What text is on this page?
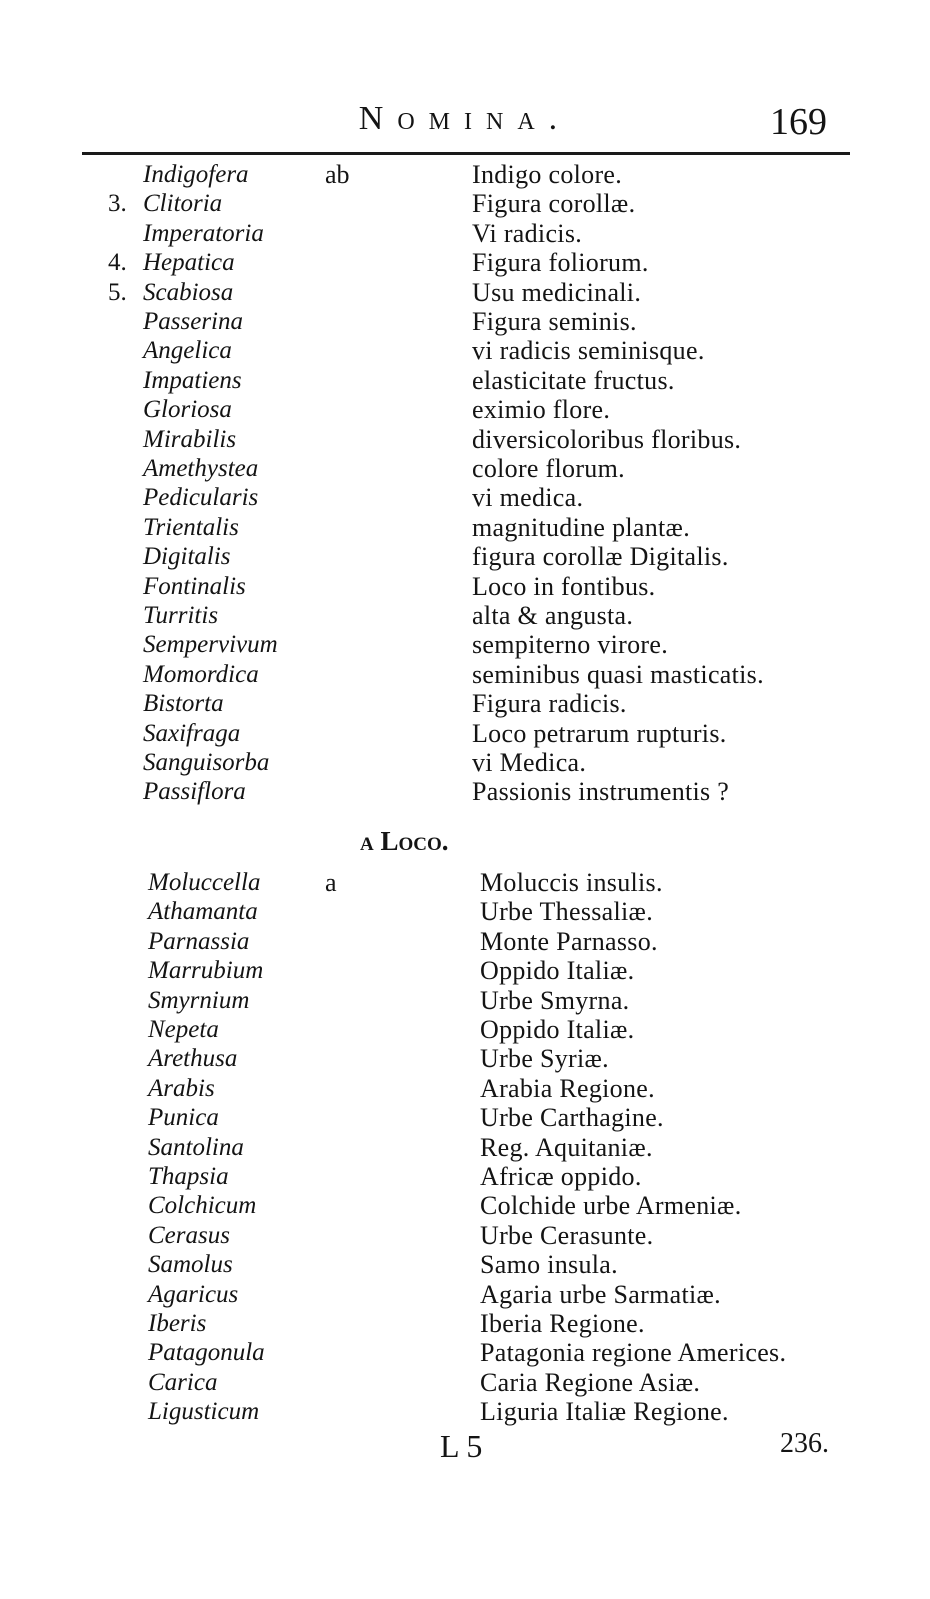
Nomina.	169
Indigofera	ab	Indigo colore.
3. Clitoria	Figura corollæ.
Imperatoria	Vi radicis.
4. Hepatica	Figura foliorum.
5. Scabiosa	Usu medicinali.
Passerina	Figura seminis.
Angelica	vi radicis seminisque.
Impatiens	elasticitate fructus.
Gloriosa	eximio flore.
Mirabilis	diversicoloribus floribus.
Amethystea	colore florum.
Pedicularis	vi medica.
Trientalis	magnitudine plantæ.
Digitalis	figura corollæ Digitalis.
Fontinalis	Loco in fontibus.
Turritis	alta & angusta.
Sempervivum	sempiterno virore.
Momordica	seminibus quasi masticatis.
Bistorta	Figura radicis.
Saxifraga	Loco petrarum rupturis.
Sanguisorba	vi Medica.
Passiflora	Passionis instrumentis ?
a Loco.
Moluccella a	Moluccis insulis.
Athamanta	Urbe Thessaliæ.
Parnassia	Monte Parnasso.
Marrubium	Oppido Italiæ.
Smyrnium	Urbe Smyrna.
Nepeta	Oppido Italiæ.
Arethusa	Urbe Syriæ.
Arabis	Arabia Regione.
Punica	Urbe Carthagine.
Santolina	Reg. Aquitaniæ.
Thapsia	Africæ oppido.
Colchicum	Colchide urbe Armeniæ.
Cerasus	Urbe Cerasunte.
Samolus	Samo insula.
Agaricus	Agaria urbe Sarmatiæ.
Iberis	Iberia Regione.
Patagonula	Patagonia regione Americes.
Carica	Caria Regione Asiæ.
Ligusticum	Liguria Italiæ Regione.
L 5	236.
